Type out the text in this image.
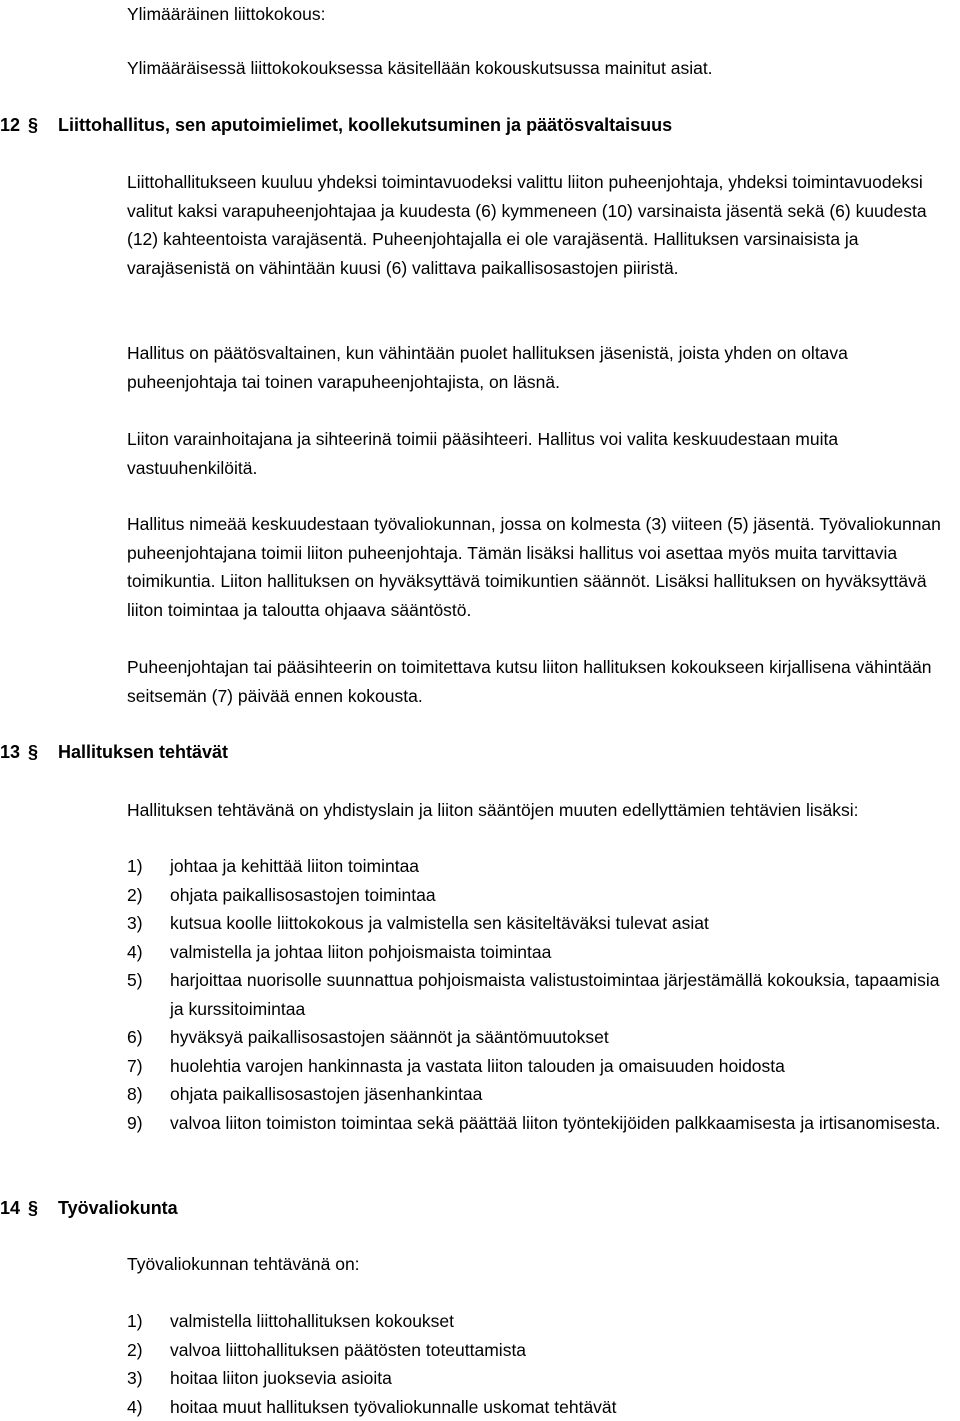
Ylimääräinen liittokokous:

Ylimääräisessä liittokokouksessa käsitellään kokouskutsussa mainitut asiat.

12 § Liittohallitus, sen aputoimielimet, koollekutsuminen ja päätösvaltaisuus

Liittohallitukseen kuuluu yhdeksi toimintavuodeksi valittu liiton puheenjohtaja, yhdeksi toimintavuodeksi valitut kaksi varapuheenjohtajaa ja kuudesta (6) kymmeneen (10) varsinaista jäsentä sekä (6) kuudesta (12) kahteentoista varajäsentä. Puheenjohtajalla ei ole varajäsentä. Hallituksen varsinaisista ja varajäsenistä on vähintään kuusi (6) valittava paikallisosastojen piiristä.

Hallitus on päätösvaltainen, kun vähintään puolet hallituksen jäsenistä, joista yhden on oltava puheenjohtaja tai toinen varapuheenjohtajista, on läsnä.

Liiton varainhoitajana ja sihteerinä toimii pääsihteeri. Hallitus voi valita keskuudestaan muita vastuuhenkilöitä.

Hallitus nimeää keskuudestaan työvaliokunnan, jossa on kolmesta (3) viiteen (5) jäsentä. Työvaliokunnan puheenjohtajana toimii liiton puheenjohtaja. Tämän lisäksi hallitus voi asettaa myös muita tarvittavia toimikuntia. Liiton hallituksen on hyväksyttävä toimikuntien säännöt. Lisäksi hallituksen on hyväksyttävä liiton toimintaa ja taloutta ohjaava sääntöstö.

Puheenjohtajan tai pääsihteerin on toimitettava kutsu liiton hallituksen kokoukseen kirjallisena vähintään seitsemän (7) päivää ennen kokousta.

13 § Hallituksen tehtävät

Hallituksen tehtävänä on yhdistyslain ja liiton sääntöjen muuten edellyttämien tehtävien lisäksi:

1) johtaa ja kehittää liiton toimintaa
2) ohjata paikallisosastojen toimintaa
3) kutsua koolle liittokokous ja valmistella sen käsiteltäväksi tulevat asiat
4) valmistella ja johtaa liiton pohjoismaista toimintaa
5) harjoittaa nuorisolle suunnattua pohjoismaista valistustoimintaa järjestämällä kokouksia, tapaamisia ja kurssitoimintaa
6) hyväksyä paikallisosastojen säännöt ja sääntömuutokset
7) huolehtia varojen hankinnasta ja vastata liiton talouden ja omaisuuden hoidosta
8) ohjata paikallisosastojen jäsenhankintaa
9) valvoa liiton toimiston toimintaa sekä päättää liiton työntekijöiden palkkaamisesta ja irtisanomisesta.
14 § Työvaliokunta

Työvaliokunnan tehtävänä on:

1) valmistella liittohallituksen kokoukset
2) valvoa liittohallituksen päätösten toteuttamista
3) hoitaa liiton juoksevia asioita
4) hoitaa muut hallituksen työvaliokunnalle uskomat tehtävät
